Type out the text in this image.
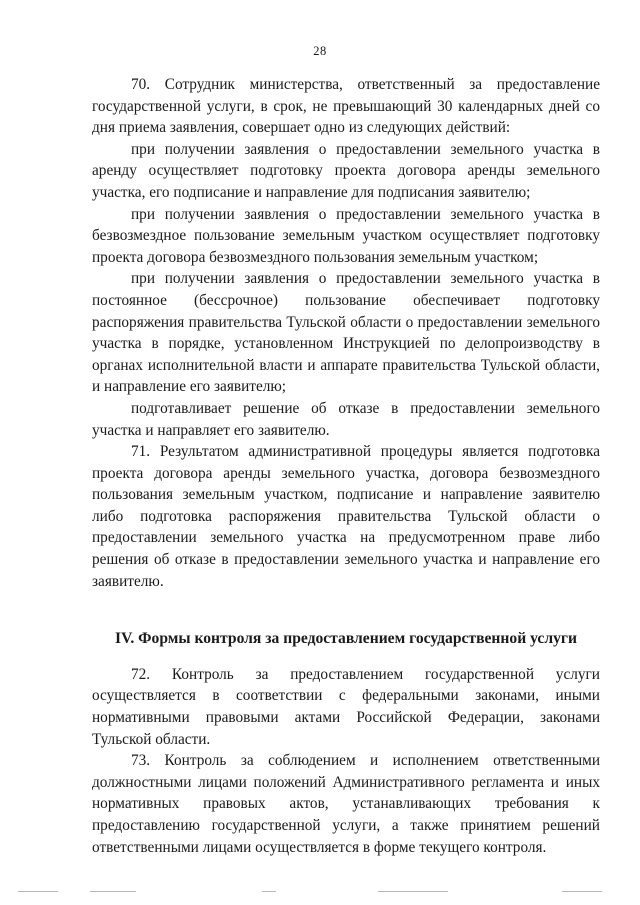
28

70. Сотрудник министерства, ответственный за предоставление государственной услуги, в срок, не превышающий 30 календарных дней со дня приема заявления, совершает одно из следующих действий:

при получении заявления о предоставлении земельного участка в аренду осуществляет подготовку проекта договора аренды земельного участка, его подписание и направление для подписания заявителю;

при получении заявления о предоставлении земельного участка в безвозмездное пользование земельным участком осуществляет подготовку проекта договора безвозмездного пользования земельным участком;

при получении заявления о предоставлении земельного участка в постоянное (бессрочное) пользование обеспечивает подготовку распоряжения правительства Тульской области о предоставлении земельного участка в порядке, установленном Инструкцией по делопроизводству в органах исполнительной власти и аппарате правительства Тульской области, и направление его заявителю;

подготавливает решение об отказе в предоставлении земельного участка и направляет его заявителю.

71. Результатом административной процедуры является подготовка проекта договора аренды земельного участка, договора безвозмездного пользования земельным участком, подписание и направление заявителю либо подготовка распоряжения правительства Тульской области о предоставлении земельного участка на предусмотренном праве либо решения об отказе в предоставлении земельного участка и направление его заявителю.

IV. Формы контроля за предоставлением государственной услуги

72. Контроль за предоставлением государственной услуги осуществляется в соответствии с федеральными законами, иными нормативными правовыми актами Российской Федерации, законами Тульской области.

73. Контроль за соблюдением и исполнением ответственными должностными лицами положений Административного регламента и иных нормативных правовых актов, устанавливающих требования к предоставлению государственной услуги, а также принятием решений ответственными лицами осуществляется в форме текущего контроля.
